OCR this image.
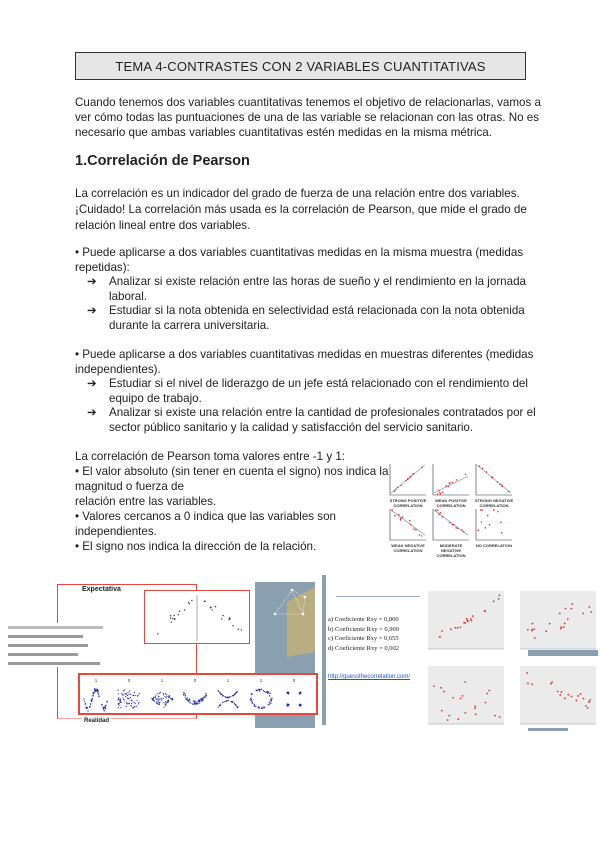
TEMA 4-CONTRASTES CON 2 VARIABLES CUANTITATIVAS

Cuando tenemos dos variables cuantitativas tenemos el objetivo de relacionarlas, vamos a

ver cómo todas las puntuaciones de una de las variable se relacionan con las otras. No es

necesario que ambas variables cuantitativas estén medidas en la misma métrica.

1.Correlación de Pearson

La correlación es un indicador del grado de fuerza de una relación entre dos variables.

¡Cuidado! La correlación más usada es la correlación de Pearson, que mide el grado de

relación lineal entre dos variables.

• Puede aplicarse a dos variables cuantitativas medidas en la misma muestra (medidas

repetidas):

➔ Analizar si existe relación entre las horas de sueño y el rendimiento en la jornada

laboral.

➔ Estudiar si la nota obtenida en selectividad está relacionada con la nota obtenida

durante la carrera universitaria.

• Puede aplicarse a dos variables cuantitativas medidas en muestras diferentes (medidas

independientes).

➔ Estudiar si el nivel de liderazgo de un jefe está relacionado con el rendimiento del

equipo de trabajo.

➔ Analizar si existe una relación entre la cantidad de profesionales contratados por el

sector público sanitario y la calidad y satisfacción del servicio sanitario.

La correlación de Pearson toma valores entre -1 y 1:

• El valor absoluto (sin tener en cuenta el signo) nos indica la

magnitud o fuerza de

relación entre las variables.

• Valores cercanos a 0 indica que las variables son

independientes.

• El signo nos indica la dirección de la relación.

STRONG POSITIVE CORRELATION
WEAK POSITIVE CORRELATION
STRONG NEGATIVE CORRELATION
WEAK NEGATIVE CORRELATION
MODERATE NEGATIVE CORRELATION
NO CORRELATION
Expectativa
1	0	1	0	1	1	0
Realidad

a) Coeficiente Rxy = 0,800

b) Coeficiente Rxy = 0,900

c) Coeficiente Rxy = 0,655

d) Coeficiente Rxy = 0,002

http://guessthecorrelation.com/
